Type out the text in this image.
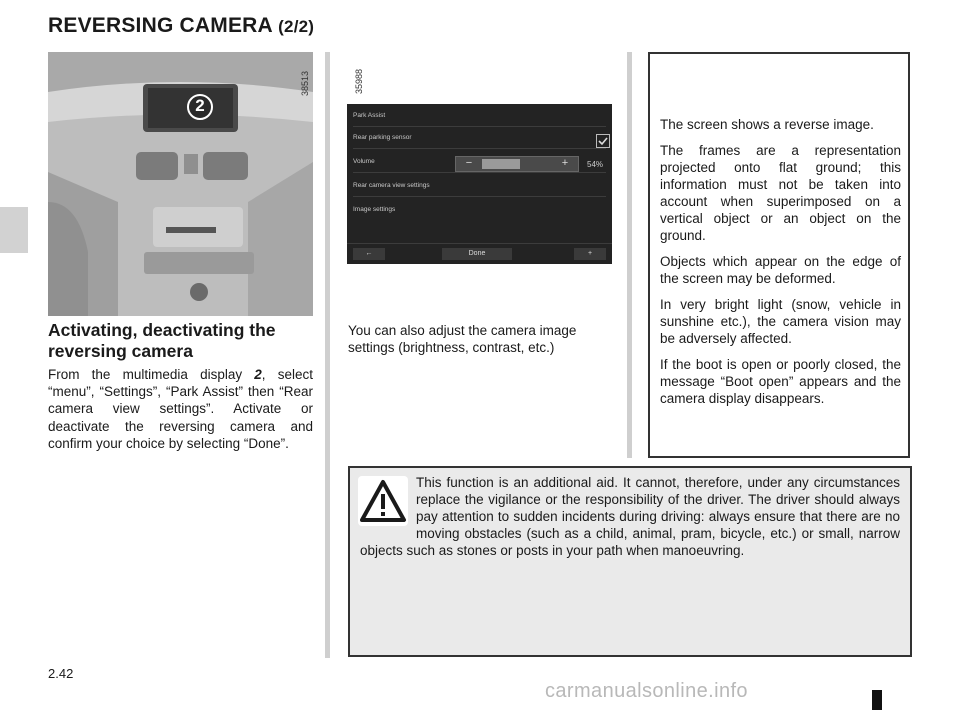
REVERSING CAMERA (2/2)
2
38513	35988
Park Assist
Rear parking sensor
Volume	−	+	54%
Rear camera view settings
Image settings
←	Done	+
You can also adjust the camera image settings (brightness, contrast, etc.)
Activating, deactivating the reversing camera
From the multimedia display 2, select “menu”, “Settings”, “Park Assist” then “Rear camera view settings”. Activate or deactivate the reversing camera and confirm your choice by selecting “Done”.

The screen shows a reverse image.

The frames are a representation projected onto flat ground; this information must not be taken into account when superimposed on a vertical object or an object on the ground.

Objects which appear on the edge of the screen may be deformed.

In very bright light (snow, vehicle in sunshine etc.), the camera vision may be adversely affected.

If the boot is open or poorly closed, the message “Boot open” appears and the camera display disappears.

This function is an additional aid. It cannot, therefore, under any circumstances replace the vigilance or the responsibility of the driver. The driver should always pay attention to sudden incidents during driving: always ensure that there are no moving obstacles (such as a child, animal, pram, bicycle, etc.) or small, narrow objects such as stones or posts in your path when manoeuvring.
2.42
carmanualsonline.info
